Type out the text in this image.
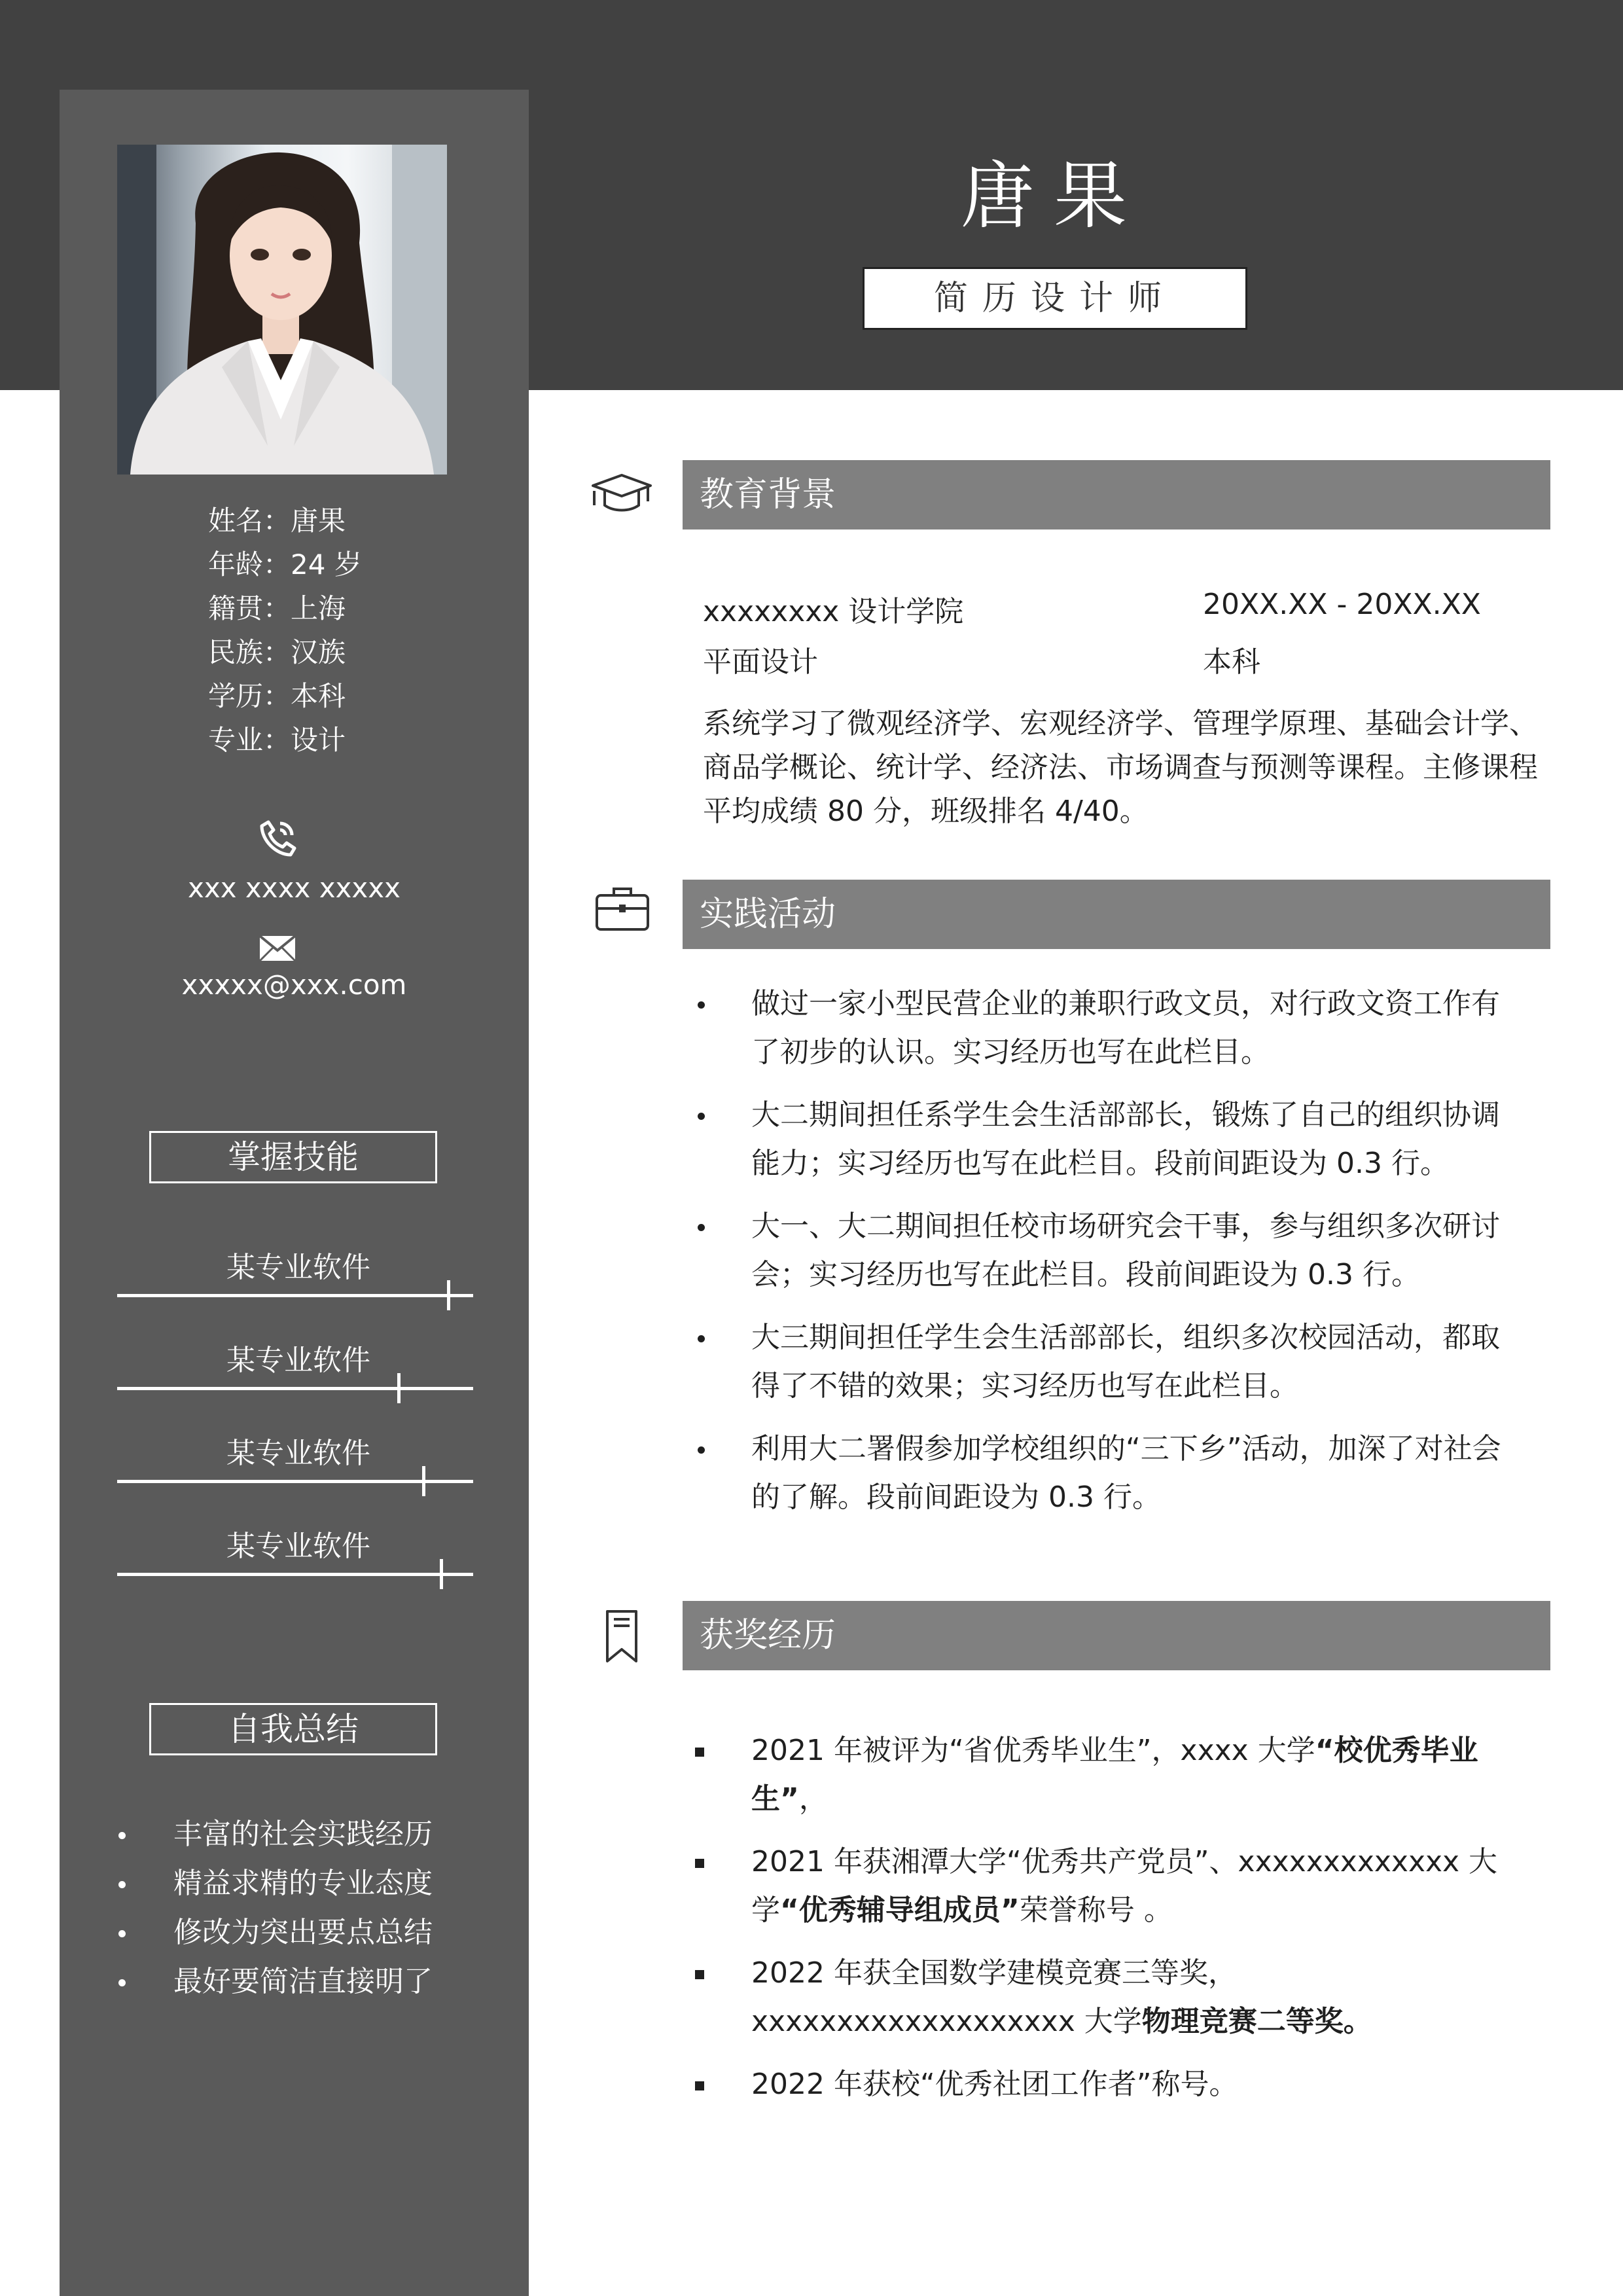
姓名：唐果
年龄：24 岁
籍贯：上海
民族：汉族
学历：本科
专业：设计
xxx xxxx xxxxx
xxxxx@xxx.com
掌握技能
某专业软件
某专业软件
某专业软件
某专业软件
自我总结
丰富的社会实践经历
精益求精的专业态度
修改为突出要点总结
最好要简洁直接明了
唐果
简历设计师
教育背景
xxxxxxxx 设计学院	20XX.XX - 20XX.XX
平面设计	本科
系统学习了微观经济学、宏观经济学、管理学原理、基础会计学、商品学概论、统计学、经济法、市场调查与预测等课程。主修课程平均成绩 80 分，班级排名 4/40。
实践活动
做过一家小型民营企业的兼职行政文员，对行政文资工作有了初步的认识。实习经历也写在此栏目。
大二期间担任系学生会生活部部长，锻炼了自己的组织协调能力；实习经历也写在此栏目。段前间距设为 0.3 行。
大一、大二期间担任校市场研究会干事，参与组织多次研讨会；实习经历也写在此栏目。段前间距设为 0.3 行。
大三期间担任学生会生活部部长，组织多次校园活动，都取得了不错的效果；实习经历也写在此栏目。
利用大二署假参加学校组织的“三下乡”活动，加深了对社会的了解。段前间距设为 0.3 行。
获奖经历
2021 年被评为“省优秀毕业生”，xxxx 大学“校优秀毕业生”，
2021 年获湘潭大学“优秀共产党员”、xxxxxxxxxxxxx 大学“优秀辅导组成员”荣誉称号 。
2022 年获全国数学建模竞赛三等奖，xxxxxxxxxxxxxxxxxxx 大学物理竞赛二等奖。
2022 年获校“优秀社团工作者”称号。
